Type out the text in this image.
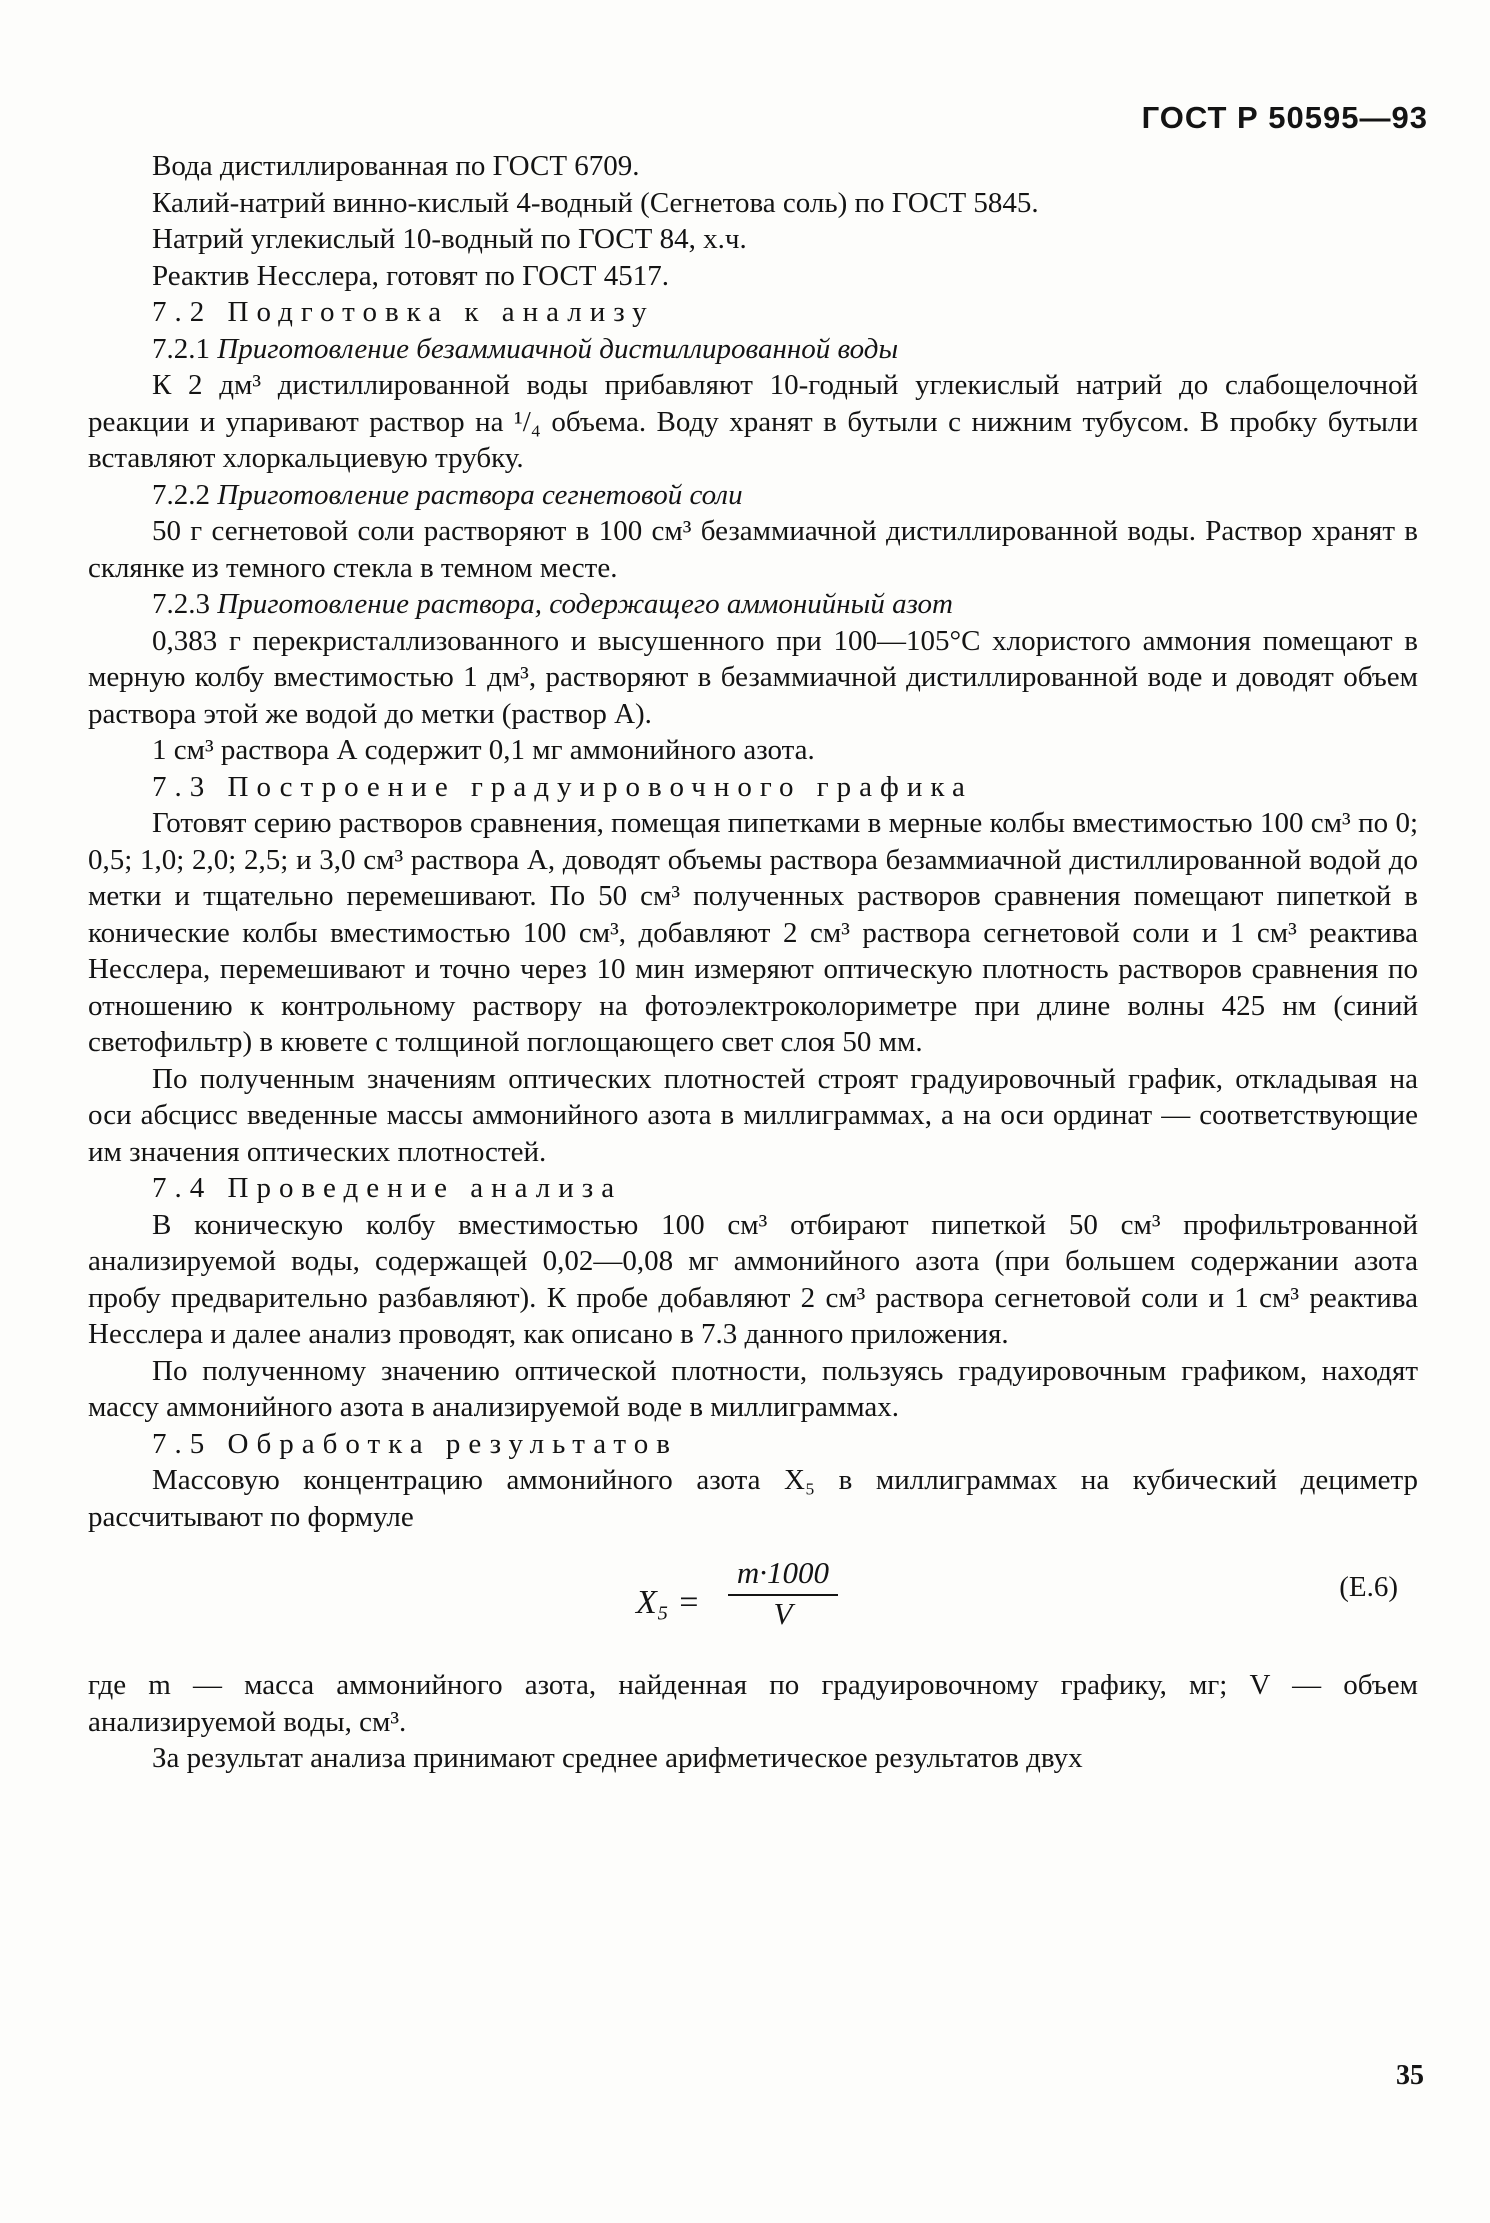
ГОСТ Р 50595—93

Вода дистиллированная по ГОСТ 6709.

Калий-натрий винно-кислый 4-водный (Сегнетова соль) по ГОСТ 5845.

Натрий углекислый 10-водный по ГОСТ 84, х.ч.

Реактив Несслера, готовят по ГОСТ 4517.

7.2 Подготовка к анализу

7.2.1 Приготовление безаммиачной дистиллированной воды

К 2 дм³ дистиллированной воды прибавляют 10-годный углекислый натрий до слабощелочной реакции и упаривают раствор на ¹/₄ объема. Воду хранят в бутыли с нижним тубусом. В пробку бутыли вставляют хлоркальциевую трубку.

7.2.2 Приготовление раствора сегнетовой соли

50 г сегнетовой соли растворяют в 100 см³ безаммиачной дистиллированной воды. Раствор хранят в склянке из темного стекла в темном месте.

7.2.3 Приготовление раствора, содержащего аммонийный азот

0,383 г перекристаллизованного и высушенного при 100—105°С хлористого аммония помещают в мерную колбу вместимостью 1 дм³, растворяют в безаммиачной дистиллированной воде и доводят объем раствора этой же водой до метки (раствор А).

1 см³ раствора А содержит 0,1 мг аммонийного азота.

7.3 Построение градуировочного графика

Готовят серию растворов сравнения, помещая пипетками в мерные колбы вместимостью 100 см³ по 0; 0,5; 1,0; 2,0; 2,5; и 3,0 см³ раствора А, доводят объемы раствора безаммиачной дистиллированной водой до метки и тщательно перемешивают. По 50 см³ полученных растворов сравнения помещают пипеткой в конические колбы вместимостью 100 см³, добавляют 2 см³ раствора сегнетовой соли и 1 см³ реактива Несслера, перемешивают и точно через 10 мин измеряют оптическую плотность растворов сравнения по отношению к контрольному раствору на фотоэлектроколориметре при длине волны 425 нм (синий светофильтр) в кювете с толщиной поглощающего свет слоя 50 мм.

По полученным значениям оптических плотностей строят градуировочный график, откладывая на оси абсцисс введенные массы аммонийного азота в миллиграммах, а на оси ординат — соответствующие им значения оптических плотностей.

7.4 Проведение анализа

В коническую колбу вместимостью 100 см³ отбирают пипеткой 50 см³ профильтрованной анализируемой воды, содержащей 0,02—0,08 мг аммонийного азота (при большем содержании азота пробу предварительно разбавляют). К пробе добавляют 2 см³ раствора сегнетовой соли и 1 см³ реактива Несслера и далее анализ проводят, как описано в 7.3 данного приложения.

По полученному значению оптической плотности, пользуясь градуировочным графиком, находят массу аммонийного азота в анализируемой воде в миллиграммах.

7.5 Обработка результатов

Массовую концентрацию аммонийного азота X₅ в миллиграммах на кубический дециметр рассчитывают по формуле

$X_5 = \frac{m\cdot 1000}{V}$	(Е.6)

где m — масса аммонийного азота, найденная по градуировочному графику, мг; V — объем анализируемой воды, см³.

За результат анализа принимают среднее арифметическое результатов двух

35
